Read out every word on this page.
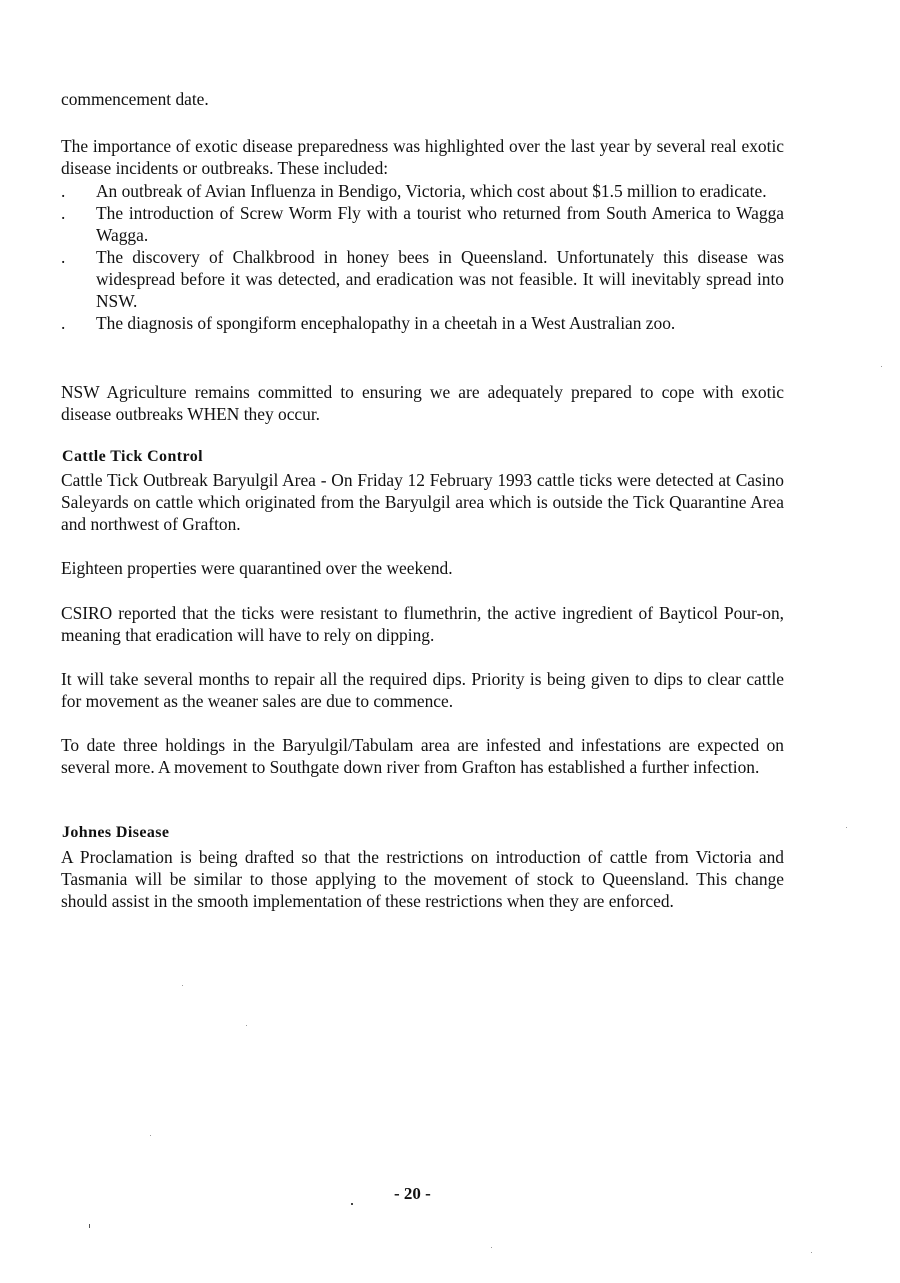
commencement date.

The importance of exotic disease preparedness was highlighted over the last year by several real exotic disease incidents or outbreaks. These included:

.	An outbreak of Avian Influenza in Bendigo, Victoria, which cost about $1.5 million to eradicate.
.	The introduction of Screw Worm Fly with a tourist who returned from South America to Wagga Wagga.
.	The discovery of Chalkbrood in honey bees in Queensland. Unfortunately this disease was widespread before it was detected, and eradication was not feasible. It will inevitably spread into NSW.
.	The diagnosis of spongiform encephalopathy in a cheetah in a West Australian zoo.

NSW Agriculture remains committed to ensuring we are adequately prepared to cope with exotic disease outbreaks WHEN they occur.

Cattle Tick Control

Cattle Tick Outbreak Baryulgil Area - On Friday 12 February 1993 cattle ticks were detected at Casino Saleyards on cattle which originated from the Baryulgil area which is outside the Tick Quarantine Area and northwest of Grafton.

Eighteen properties were quarantined over the weekend.

CSIRO reported that the ticks were resistant to flumethrin, the active ingredient of Bayticol Pour-on, meaning that eradication will have to rely on dipping.

It will take several months to repair all the required dips. Priority is being given to dips to clear cattle for movement as the weaner sales are due to commence.

To date three holdings in the Baryulgil/Tabulam area are infested and infestations are expected on several more. A movement to Southgate down river from Grafton has established a further infection.

Johnes Disease

A Proclamation is being drafted so that the restrictions on introduction of cattle from Victoria and Tasmania will be similar to those applying to the movement of stock to Queensland. This change should assist in the smooth implementation of these restrictions when they are enforced.

- 20 -
